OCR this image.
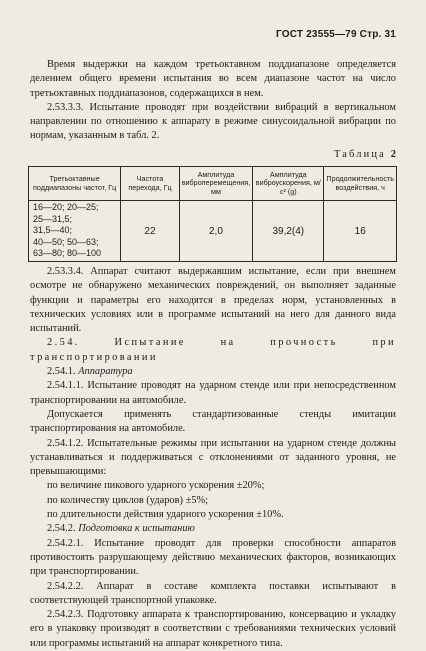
ГОСТ 23555—79 Стр. 31

Время выдержки на каждом третьоктавном поддиапазоне определяется делением общего времени испытания во всем диапазоне частот на число третьоктавных поддиапазонов, содержащихся в нем.

2.53.3.3. Испытание проводят при воздействии вибраций в вертикальном направлении по отношению к аппарату в режиме синусоидальной вибрации по нормам, указанным в табл. 2.

Таблица 2
Третьоктавные поддиапазоны частот, Гц	Частота перехода, Гц	Амплитуда виброперемещения, мм	Амплитуда виброускорения, м/с² (g)	Продолжительность воздействия, ч

16—20; 20—25;
25—31,5;
31,5—40;
40—50; 50—63;
63—80; 80—100	22	2,0	39,2(4)	16

2.53.3.4. Аппарат считают выдержавшим испытание, если при внешнем осмотре не обнаружено механических повреждений, он выполняет заданные функции и параметры его находятся в пределах норм, установленных в технических условиях или в программе испытаний на него для данного вида испытаний.

2.54. Испытание на прочность при транспортировании

2.54.1. Аппаратура

2.54.1.1. Испытание проводят на ударном стенде или при непосредственном транспортировании на автомобиле.

Допускается применять стандартизованные стенды имитации транспортирования на автомобиле.

2.54.1.2. Испытательные режимы при испытании на ударном стенде должны устанавливаться и поддерживаться с отклонениями от заданного уровня, не превышающими:

по величине пикового ударного ускорения ±20%;

по количеству циклов (ударов) ±5%;

по длительности действия ударного ускорения ±10%.

2.54.2. Подготовка к испытанию

2.54.2.1. Испытание проводят для проверки способности аппаратов противостоять разрушающему действию механических факторов, возникающих при транспортировании.

2.54.2.2. Аппарат в составе комплекта поставки испытывают в соответствующей транспортной упаковке.

2.54.2.3. Подготовку аппарата к транспортированию, консервацию и укладку его в упаковку производят в соответствии с требованиями технических условий или программы испытаний на аппарат конкретного типа.
